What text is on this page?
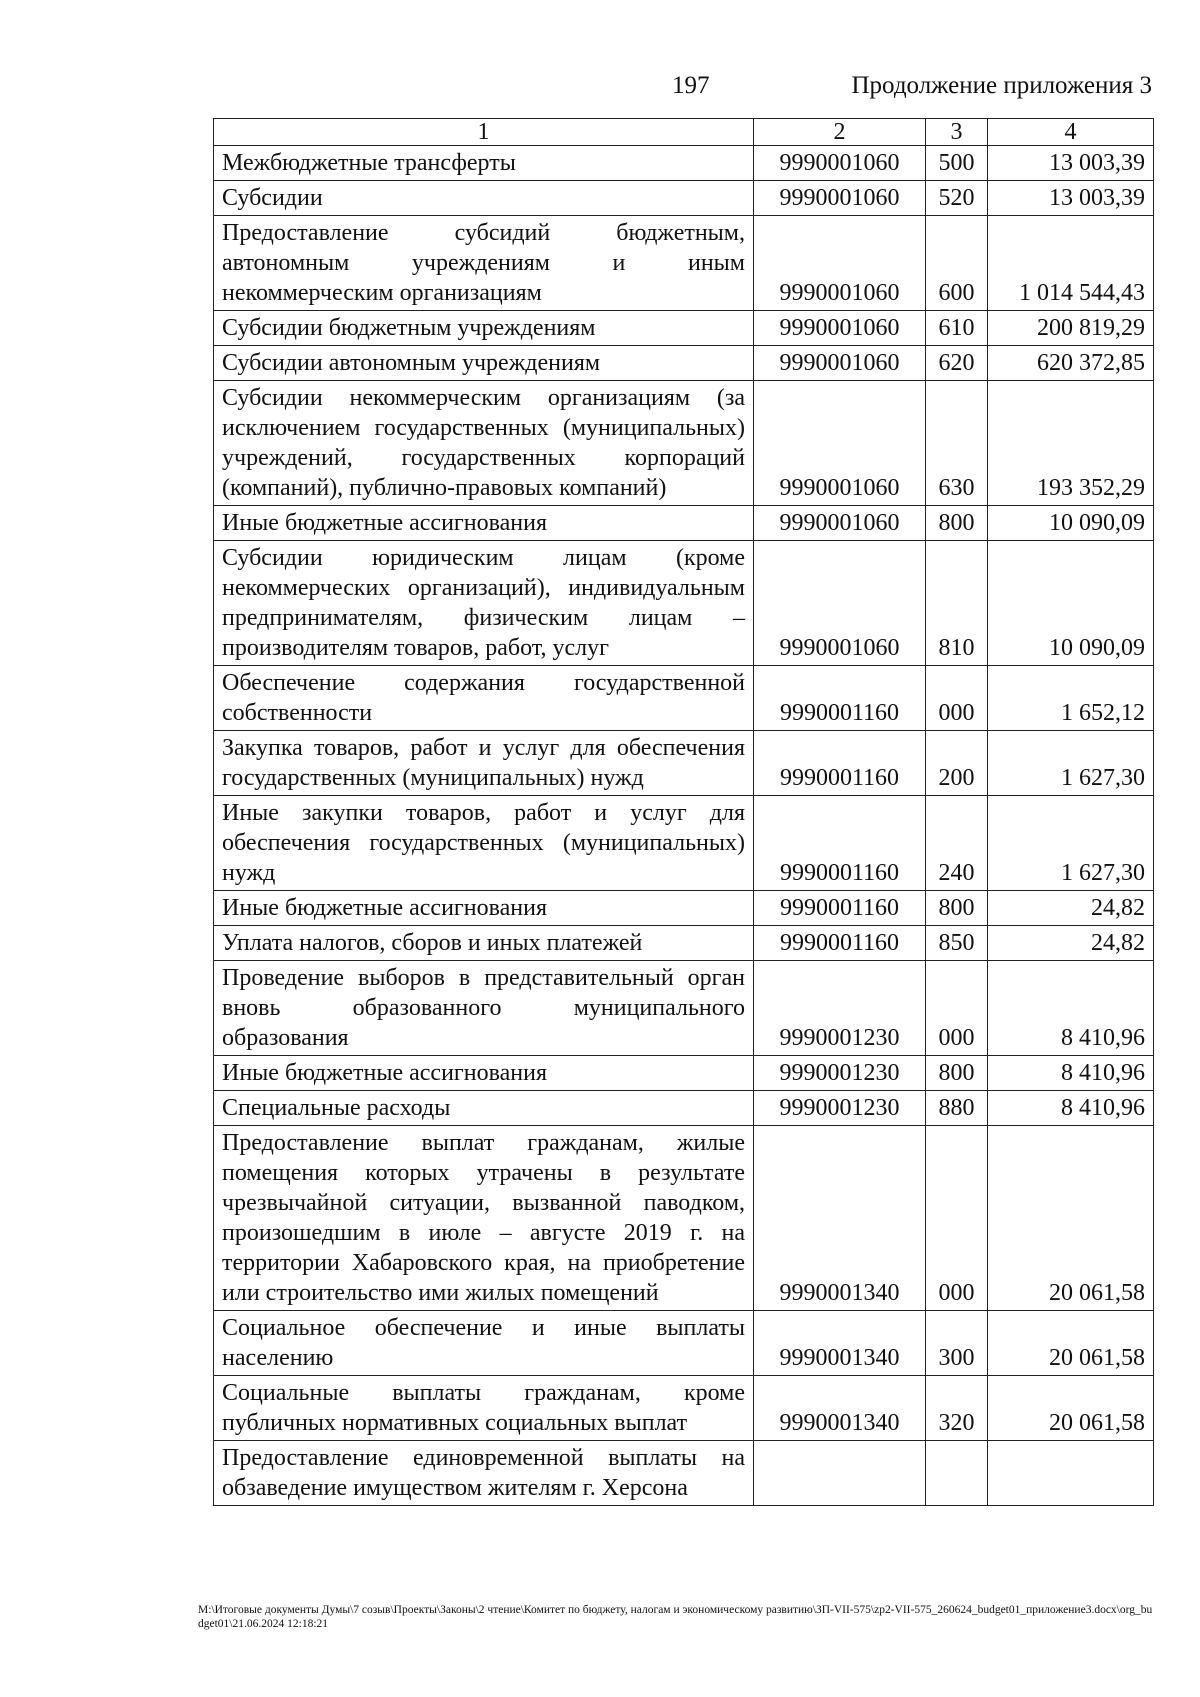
197	Продолжение приложения 3
1	2	3	4
Межбюджетные трансферты	9990001060	500	13 003,39
Субсидии	9990001060	520	13 003,39
Предоставление субсидий бюджетным, автономным учреждениям и иным некоммерческим организациям	9990001060	600	1 014 544,43
Субсидии бюджетным учреждениям	9990001060	610	200 819,29
Субсидии автономным учреждениям	9990001060	620	620 372,85
Субсидии некоммерческим организациям (за исключением государственных (муниципальных) учреждений, государственных корпораций (компаний), публично-правовых компаний)	9990001060	630	193 352,29
Иные бюджетные ассигнования	9990001060	800	10 090,09
Субсидии юридическим лицам (кроме некоммерческих организаций), индивидуальным предпринимателям, физическим лицам – производителям товаров, работ, услуг	9990001060	810	10 090,09
Обеспечение содержания государственной собственности	9990001160	000	1 652,12
Закупка товаров, работ и услуг для обеспечения государственных (муниципальных) нужд	9990001160	200	1 627,30
Иные закупки товаров, работ и услуг для обеспечения государственных (муниципальных) нужд	9990001160	240	1 627,30
Иные бюджетные ассигнования	9990001160	800	24,82
Уплата налогов, сборов и иных платежей	9990001160	850	24,82
Проведение выборов в представительный орган вновь образованного муниципального образования	9990001230	000	8 410,96
Иные бюджетные ассигнования	9990001230	800	8 410,96
Специальные расходы	9990001230	880	8 410,96
Предоставление выплат гражданам, жилые помещения которых утрачены в результате чрезвычайной ситуации, вызванной паводком, произошедшим в июле – августе 2019 г. на территории Хабаровского края, на приобретение или строительство ими жилых помещений	9990001340	000	20 061,58
Социальное обеспечение и иные выплаты населению	9990001340	300	20 061,58
Социальные выплаты гражданам, кроме публичных нормативных социальных выплат	9990001340	320	20 061,58
Предоставление единовременной выплаты на обзаведение имуществом жителям г. Херсона			
М:\Итоговые документы Думы\7 созыв\Проекты\Законы\2 чтение\Комитет по бюджету, налогам и экономическому развитию\ЗП-VII-575\zp2-VII-575_260624_budget01_приложение3.docx\org_budget01\21.06.2024 12:18:21
